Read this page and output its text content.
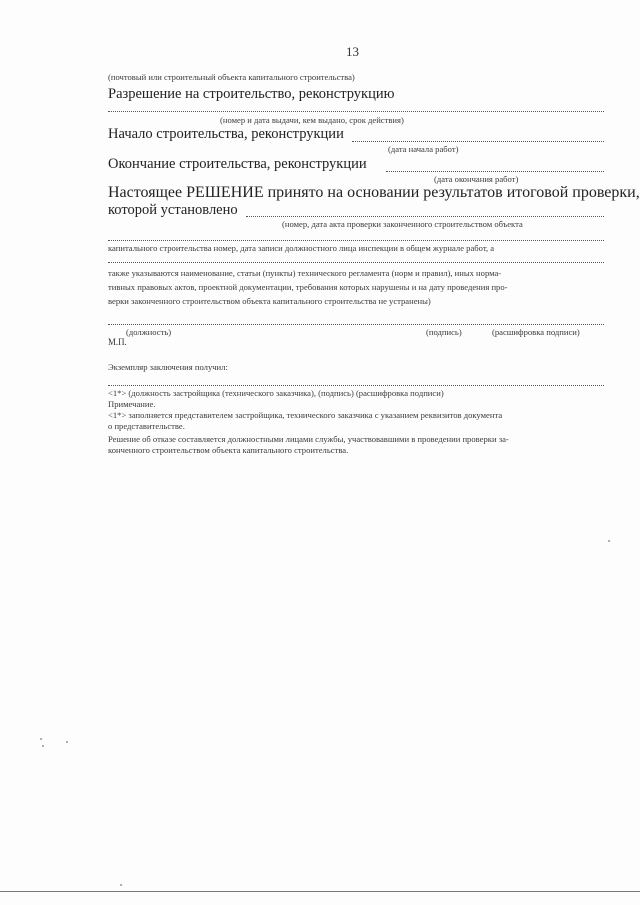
13
(почтовый или строительный объекта капитального строительства)
Разрешение на строительство, реконструкцию
(номер и дата выдачи, кем выдано, срок действия)
Начало строительства, реконструкции
(дата начала работ)
Окончание строительства, реконструкции
(дата окончания работ)
Настоящее РЕШЕНИЕ принято на основании результатов итоговой проверки,
которой установлено
(номер, дата акта проверки законченного строительством объекта
капитального строительства номер, дата записи должностного лица инспекции в общем журнале работ, а
также указываются наименование, статьи (пункты) технического регламента (норм и правил), иных норма-
тивных правовых актов, проектной документации, требования которых нарушены и на дату проведения про-
верки законченного строительством объекта капитального строительства не устранены)
(должность)	(подпись)	(расшифровка подписи)
М.П.
Экземпляр заключения получил:
<1*> (должность застройщика (технического заказчика), (подпись) (расшифровка подписи)
Примечание.
<1*> заполняется представителем застройщика, технического заказчика с указанием реквизитов документа
о представительстве.
Решение об отказе составляется должностными лицами службы, участвовавшими в проведении проверки за-
конченного строительством объекта капитального строительства.
